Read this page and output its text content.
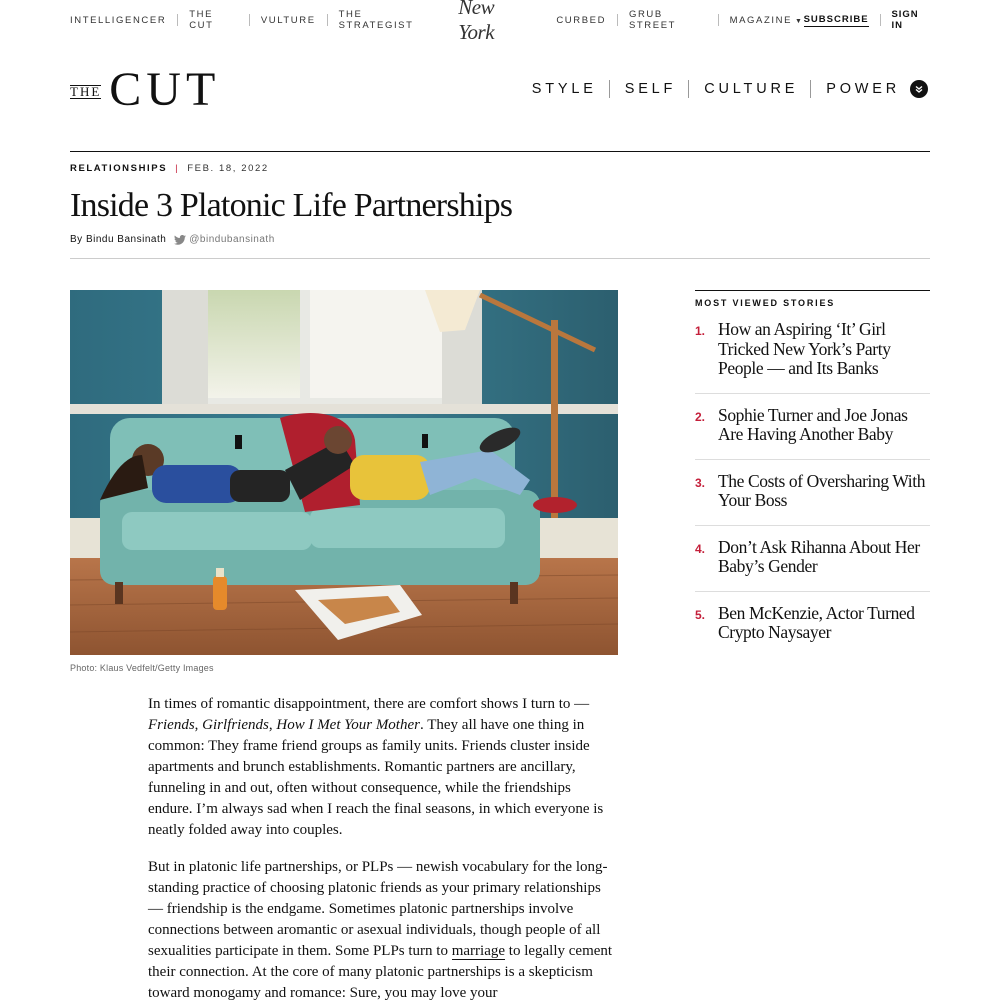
INTELLIGENCER THE CUT	VULTURE THE STRATEGIST
New York	CURBED GRUB STREET	MAGAZINE ▼ SUBSCRIBE SIGN IN
THE CUT	STYLE SELF CULTURE POWER
RELATIONSHIPS | FEB. 18, 2022
Inside 3 Platonic Life Partnerships
By Bindu Bansinath @bindubansinath
Photo: Klaus Vedfelt/Getty Images

In times of romantic disappointment, there are comfort shows I turn to — Friends, Girlfriends, How I Met Your Mother. They all have one thing in common: They frame friend groups as family units. Friends cluster inside apartments and brunch establishments. Romantic partners are ancillary, funneling in and out, often without consequence, while the friendships endure. I’m always sad when I reach the final seasons, in which everyone is neatly folded away into couples.

But in platonic life partnerships, or PLPs — newish vocabulary for the long-standing practice of choosing platonic friends as your primary relationships — friendship is the endgame. Sometimes platonic partnerships involve connections between aromantic or asexual individuals, though people of all sexualities participate in them. Some PLPs turn to marriage to legally cement their connection. At the core of many platonic partnerships is a skepticism toward monogamy and romance: Sure, you may love your

MOST VIEWED STORIES
1. How an Aspiring ‘It’ Girl Tricked New York’s Party People — and Its Banks
2. Sophie Turner and Joe Jonas Are Having Another Baby
3. The Costs of Oversharing With Your Boss
4. Don’t Ask Rihanna About Her Baby’s Gender
5. Ben McKenzie, Actor Turned Crypto Naysayer
